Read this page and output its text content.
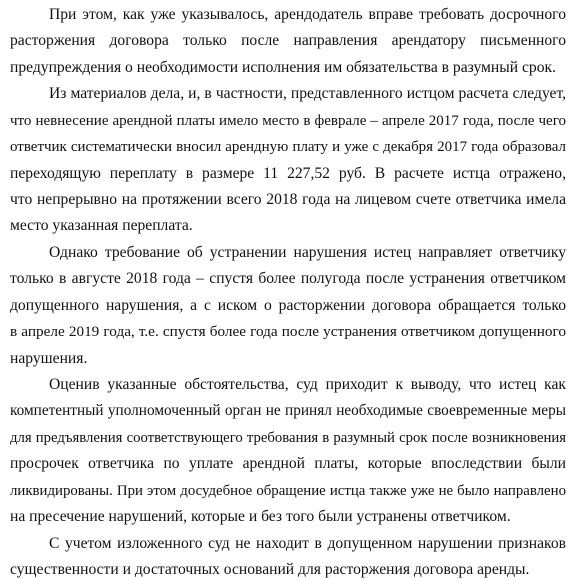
При этом, как уже указывалось, арендодатель вправе требовать досрочного
расторжения договора только после направления арендатору письменного
предупреждения о необходимости исполнения им обязательства в разумный срок.
Из материалов дела, и, в частности, представленного истцом расчета следует,
что невнесение арендной платы имело место в феврале – апреле 2017 года, после чего
ответчик систематически вносил арендную плату и уже с декабря 2017 года образовал
переходящую переплату в размере 11 227,52 руб. В расчете истца отражено,
что непрерывно на протяжении всего 2018 года на лицевом счете ответчика имела
место указанная переплата.
Однако требование об устранении нарушения истец направляет ответчику
только в августе 2018 года – спустя более полугода после устранения ответчиком
допущенного нарушения, а с иском о расторжении договора обращается только
в апреле 2019 года, т.е. спустя более года после устранения ответчиком допущенного
нарушения.
Оценив указанные обстоятельства, суд приходит к выводу, что истец как
компетентный уполномоченный орган не принял необходимые своевременные меры
для предъявления соответствующего требования в разумный срок после возникновения
просрочек ответчика по уплате арендной платы, которые впоследствии были
ликвидированы. При этом досудебное обращение истца также уже не было направлено
на пресечение нарушений, которые и без того были устранены ответчиком.
С учетом изложенного суд не находит в допущенном нарушении признаков
существенности и достаточных оснований для расторжения договора аренды.
